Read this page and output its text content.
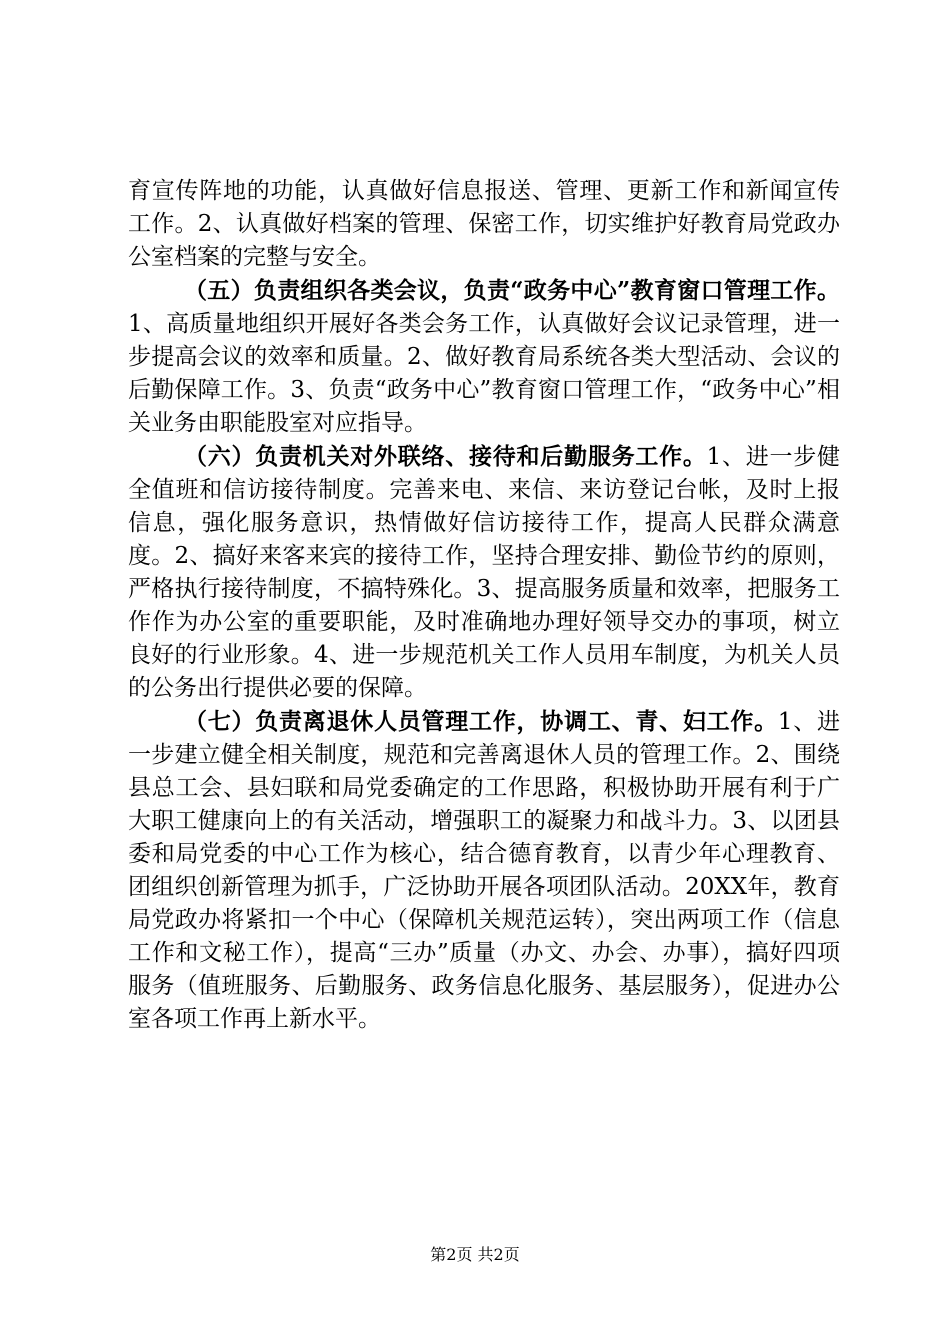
育宣传阵地的功能，认真做好信息报送、管理、更新工作和新闻宣传工作。2、认真做好档案的管理、保密工作，切实维护好教育局党政办公室档案的完整与安全。

（五）负责组织各类会议，负责“政务中心”教育窗口管理工作。1、高质量地组织开展好各类会务工作，认真做好会议记录管理，进一步提高会议的效率和质量。2、做好教育局系统各类大型活动、会议的后勤保障工作。3、负责“政务中心”教育窗口管理工作，“政务中心”相关业务由职能股室对应指导。

（六）负责机关对外联络、接待和后勤服务工作。1、进一步健全值班和信访接待制度。完善来电、来信、来访登记台帐，及时上报信息，强化服务意识，热情做好信访接待工作，提高人民群众满意度。2、搞好来客来宾的接待工作，坚持合理安排、勤俭节约的原则，严格执行接待制度，不搞特殊化。3、提高服务质量和效率，把服务工作作为办公室的重要职能，及时准确地办理好领导交办的事项，树立良好的行业形象。4、进一步规范机关工作人员用车制度，为机关人员的公务出行提供必要的保障。

（七）负责离退休人员管理工作，协调工、青、妇工作。1、进一步建立健全相关制度，规范和完善离退休人员的管理工作。2、围绕县总工会、县妇联和局党委确定的工作思路，积极协助开展有利于广大职工健康向上的有关活动，增强职工的凝聚力和战斗力。3、以团县委和局党委的中心工作为核心，结合德育教育，以青少年心理教育、团组织创新管理为抓手，广泛协助开展各项团队活动。20XX年，教育局党政办将紧扣一个中心（保障机关规范运转），突出两项工作（信息工作和文秘工作），提高“三办”质量（办文、办会、办事），搞好四项服务（值班服务、后勤服务、政务信息化服务、基层服务），促进办公室各项工作再上新水平。

第2页 共2页
